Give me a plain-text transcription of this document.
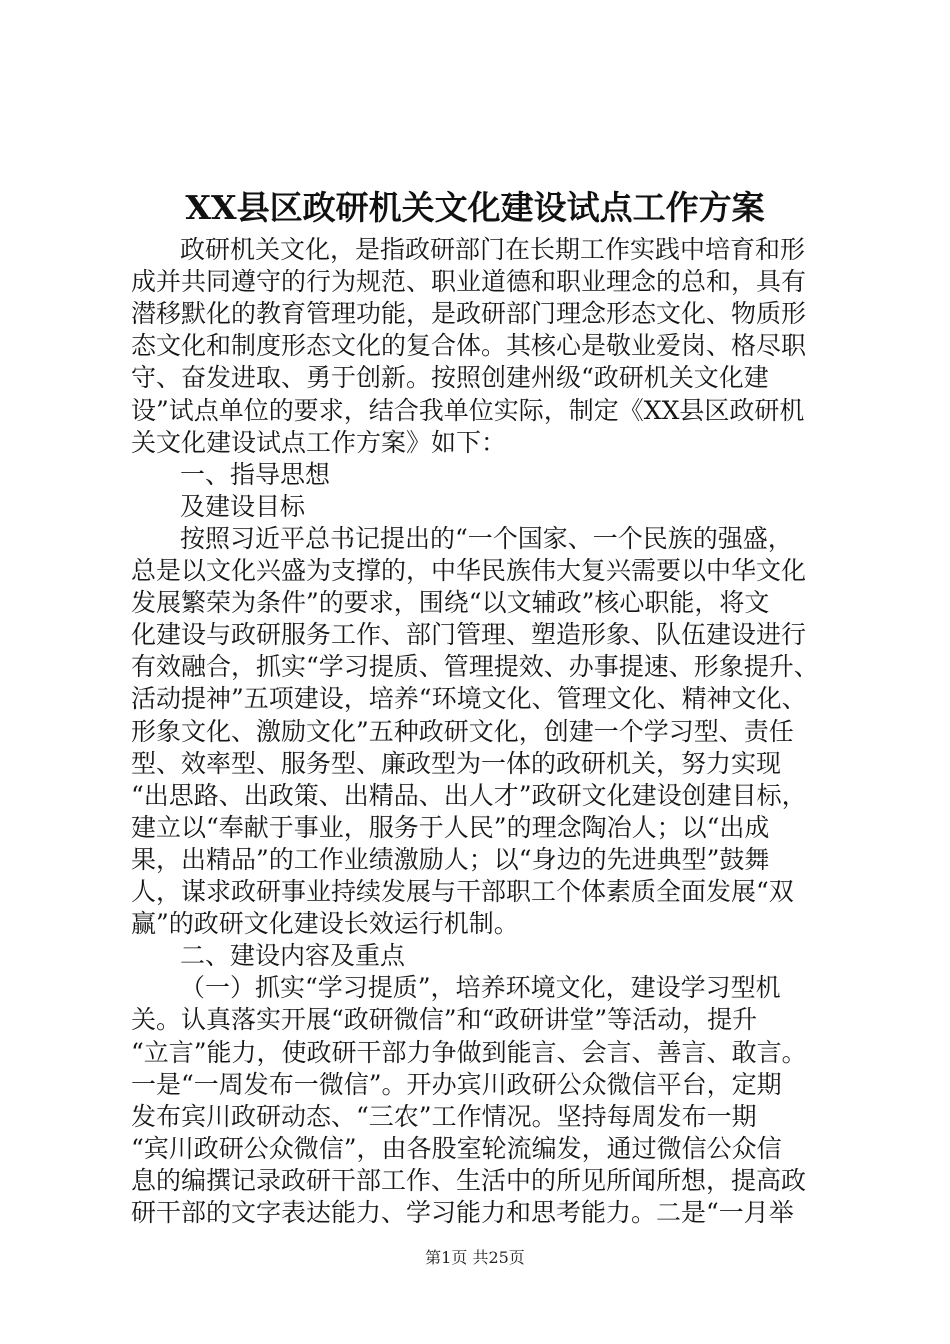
XX县区政研机关文化建设试点工作方案
政研机关文化，是指政研部门在长期工作实践中培育和形
成并共同遵守的行为规范、职业道德和职业理念的总和，具有
潜移默化的教育管理功能，是政研部门理念形态文化、物质形
态文化和制度形态文化的复合体。其核心是敬业爱岗、格尽职
守、奋发进取、勇于创新。按照创建州级“政研机关文化建
设”试点单位的要求，结合我单位实际，制定《XX县区政研机
关文化建设试点工作方案》如下：
一、指导思想
及建设目标
按照习近平总书记提出的“一个国家、一个民族的强盛，
总是以文化兴盛为支撑的，中华民族伟大复兴需要以中华文化
发展繁荣为条件”的要求，围绕“以文辅政”核心职能，将文
化建设与政研服务工作、部门管理、塑造形象、队伍建设进行
有效融合，抓实“学习提质、管理提效、办事提速、形象提升、
活动提神”五项建设，培养“环境文化、管理文化、精神文化、
形象文化、激励文化”五种政研文化，创建一个学习型、责任
型、效率型、服务型、廉政型为一体的政研机关，努力实现
“出思路、出政策、出精品、出人才”政研文化建设创建目标，
建立以“奉献于事业，服务于人民”的理念陶冶人；以“出成
果，出精品”的工作业绩激励人；以“身边的先进典型”鼓舞
人，谋求政研事业持续发展与干部职工个体素质全面发展“双
赢”的政研文化建设长效运行机制。
二、建设内容及重点
（一）抓实“学习提质”，培养环境文化，建设学习型机
关。认真落实开展“政研微信”和“政研讲堂”等活动，提升
“立言”能力，使政研干部力争做到能言、会言、善言、敢言。
一是“一周发布一微信”。开办宾川政研公众微信平台，定期
发布宾川政研动态、“三农”工作情况。坚持每周发布一期
“宾川政研公众微信”，由各股室轮流编发，通过微信公众信
息的编撰记录政研干部工作、生活中的所见所闻所想，提高政
研干部的文字表达能力、学习能力和思考能力。二是“一月举
第1页 共25页
